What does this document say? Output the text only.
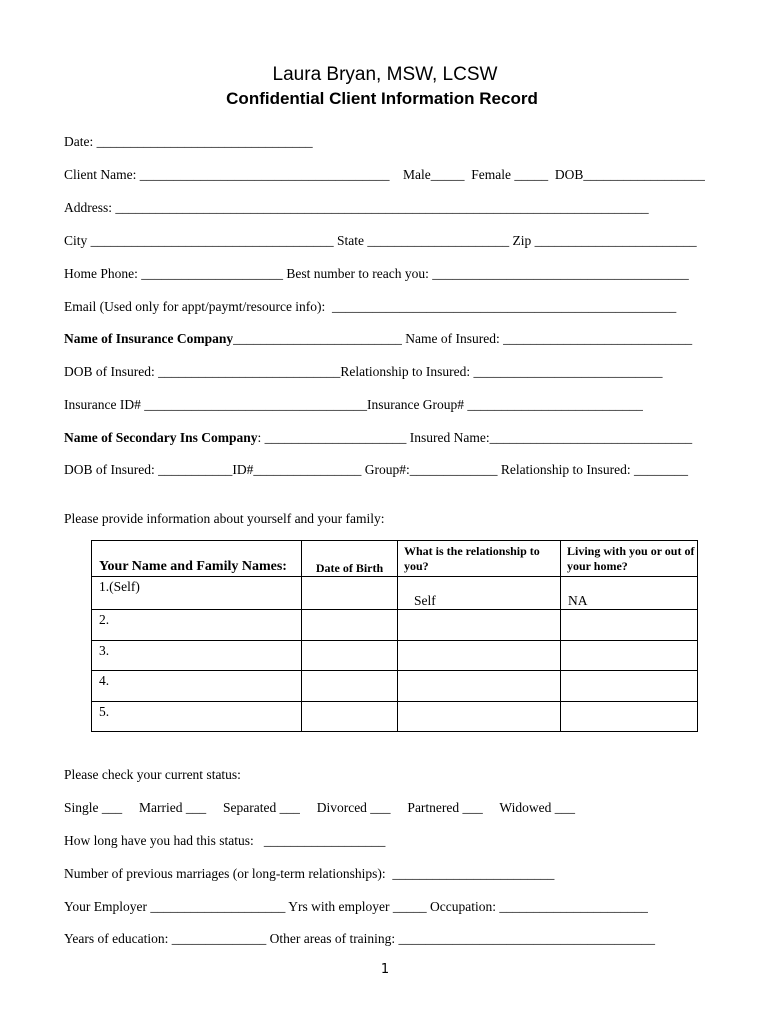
Laura Bryan, MSW, LCSW
Confidential Client Information Record
Date: ________________________________
Client Name: _____________________________________    Male_____  Female _____  DOB__________________
Address: _______________________________________________________________________________
City ____________________________________ State _____________________ Zip ________________________
Home Phone: _____________________ Best number to reach you: ______________________________________
Email (Used only for appt/paymt/resource info):  ___________________________________________________
Name of Insurance Company_________________________ Name of Insured: ____________________________
DOB of Insured: ___________________________Relationship to Insured: ____________________________
Insurance ID# _________________________________Insurance Group# __________________________
Name of Secondary Ins Company: _____________________ Insured Name:______________________________
DOB of Insured: ___________ID#________________ Group#:_____________ Relationship to Insured: ________
Please provide information about yourself and your family:
Your Name and Family Names:	Date of Birth	What is the relationship to you?	Living with you or out of your home?

1.(Self)		Self	NA

2.			

3.			

4.			

5.			

Please check your current status:
Single ___     Married ___     Separated ___     Divorced ___     Partnered ___     Widowed ___
How long have you had this status:   __________________
Number of previous marriages (or long-term relationships):  ________________________
Your Employer ____________________ Yrs with employer _____ Occupation: ______________________
Years of education: ______________ Other areas of training: ______________________________________
1
